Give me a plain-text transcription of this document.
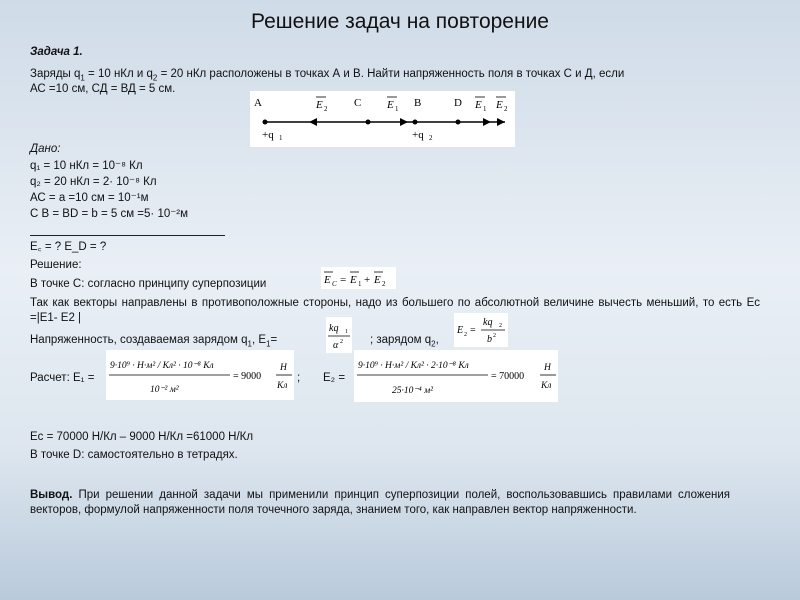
Решение задач на повторение
Задача 1.
Заряды $q_1 = 10$ нКл и $q_2 = 20$ нКл расположены в точках А и В. Найти напряженность поля в точках С и Д, если
АС =10 см, СД = ВД = 5 см.
A	C	B	D
E 2	E 1	E 1 E 2
+q 1	+q 2
Дано:
q₁ = 10 нКл = 10⁻⁸ Кл
q₂ = 20 нКл = 2· 10⁻⁸ Кл
АС = а =10 см = 10⁻¹м
С В = BD = b = 5 см =5· 10⁻²м
E꜀ = ? E_D = ?
Решение:
В точке С: согласно принципу суперпозиции	E C = E 1 + E 2
Так как векторы направлены в противоположные стороны, надо из большего по абсолютной величине вычесть меньший, то есть Ec =|E1- E2 |
Напряженность, создаваемая зарядом $q_1$, $E_1=$
kq 1
α 2 ; зарядом $q_2$,
E 2 =
kq 2
b 2
Расчет: E₁ =
9·10⁹ · Н·м² / Кл² · 10⁻⁸ Кл
10⁻² м²
= 9000
Н
Кл
; E₂ =
9·10⁹ · Н·м² / Кл² · 2·10⁻⁸ Кл
25·10⁻⁴ м²
= 70000
Н
Кл
Ec = 70000 Н/Кл – 9000 Н/Кл =61000 Н/Кл
В точке D: самостоятельно в тетрадях.
Вывод. При решении данной задачи мы применили принцип суперпозиции полей, воспользовавшись правилами сложения векторов, формулой напряженности поля точечного заряда, знанием того, как направлен вектор напряженности.
